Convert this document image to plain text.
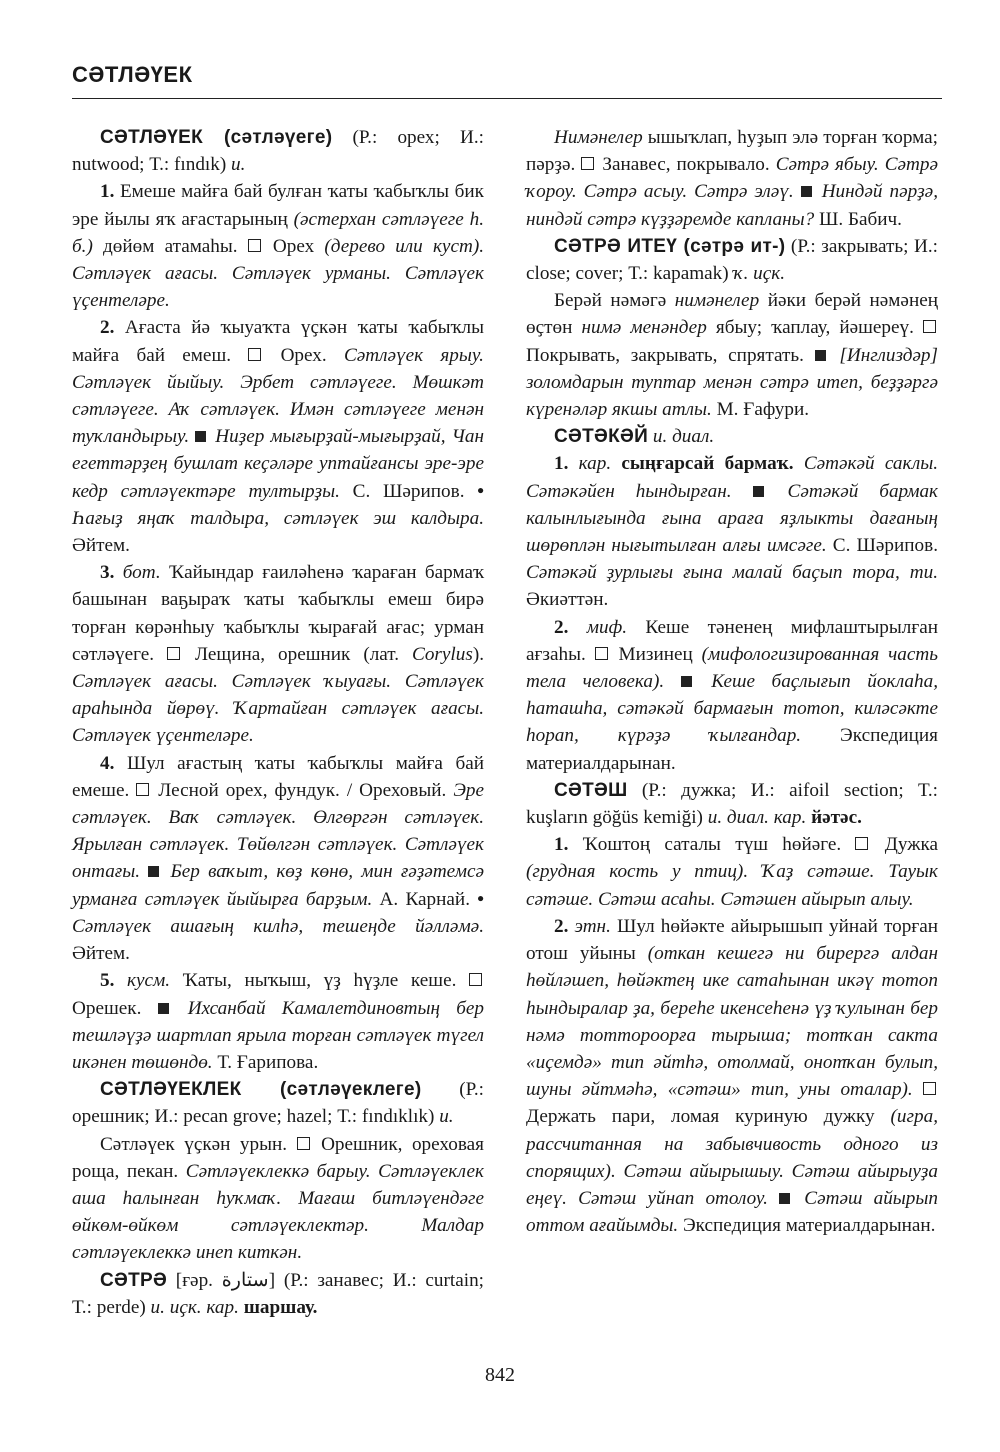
СӘТЛӘҮЕК

СӘТЛӘҮЕК (сәтләүеге) (Р.: орех; И.: nutwood; Т.: fındık) и.

1. Емеше майға бай булған ҡаты ҡабыҡлы бик эре йылы яҡ ағастарының (әстерхан сәтләүеге һ. б.) дөйөм атамаһы.  Орех (дерево или куст). Сәтләүек ағасы. Сәтләүек урманы. Сәтләүек үҫентеләре.

2. Ағаста йә ҡыуаҡта үҫкән ҡаты ҡабыҡлы майға бай емеш.  Орех. Сәтләүек ярыу. Сәтләүек йыйыу. Эрбет сәтләүеге. Мөшкәт сәтләүеге. Аҡ сәтләүек. Имән сәтләүеге менән туҡландырыу.  Ниҙер мығырҙай-мығырҙай, Чан егеттәрҙең бушлат кеҫәләре уптайғансы эре-эре кедр сәтләүектәре тултырҙы. С. Шәрипов. • Һағыҙ яңаҡ талдыра, сәтләүек эш калдыра. Әйтем.

3. бот. Ҡайындар ғаиләһенә ҡараған бармаҡ башынан ваҕыраҡ ҡаты ҡабыҡлы емеш бирә торған көрәнһыу ҡабыҡлы ҡырағай ағас; урман сәтләүеге.  Лещина, орешник (лат. Corylus). Сәтләүек ағасы. Сәтләүек ҡыуағы. Сәтләүек араһында йөрөү. Ҡартайған сәтләүек ағасы. Сәтләүек үҫентеләре.

4. Шул ағастың ҡаты ҡабыҡлы майға бай емеше.  Лесной орех, фундук. / Ореховый. Эре сәтләүек. Ваҡ сәтләүек. Өлгөргән сәтләүек. Ярылған сәтләүек. Төйөлгән сәтләүек. Сәтләүек онтағы.  Бер ваҡыт, көҙ көнө, мин ғәҙәтемсә урманға сәтләүек йыйырға барҙым. А. Карнай. • Сәтләүек ашағың килһә, тешеңде йәлләмә. Әйтем.

5. кусм. Ҡаты, ныҡыш, үҙ һүҙле кеше.  Орешек.  Ихсанбай Камалетдиновтың бер тешләүҙә шартлап ярыла торған сәтләүек түгел икәнен төшөндө. Т. Ғарипова.

СӘТЛӘҮЕКЛЕК (сәтләүеклеге) (Р.: орешник; И.: pecan grove; hazel; Т.: fındıklık) и.

Сәтләүек үҫкән урын.  Орешник, ореховая роща, пекан. Сәтләүеклеккә барыу. Сәтләүеклек аша һалынған һуҡмаҡ. Мағаш битләүендәге өйкөм-өйкөм сәтләүеклектәр. Малдар сәтләүеклеккә инеп киткән.

СӘТРӘ [ғәр. ستارة] (Р.: занавес; И.: curtain; Т.: perde) и. иҫк. кар. шаршау.

Нимәнелер ышыҡлап, һуҙып элә торған ҡорма; пәрҙә.  Занавес, покрывало. Сәтрә ябыу. Сәтрә ҡороу. Сәтрә асыу. Сәтрә эләү.  Ниндәй пәрҙә, ниндәй сәтрә күҙҙәремде капланы? Ш. Бабич.

СӘТРӘ ИТЕҮ (сәтрә ит-) (Р.: закрывать; И.: close; cover; Т.: kapamak) ҡ. иҫк.

Берәй нәмәгә нимәнелер йәки берәй нәмәнең өҫтөн нимә менәндер ябыу; ҡаплау, йәшереү.  Покрывать, закрывать, спрятать.  [Инглиздәр] золомдарын туптар менән сәтрә итеп, беҙҙәргә күренәләр якшы атлы. М. Ғафури.

СӘТӘКӘЙ и. диал.

1. кар. сыңғарсай бармаҡ. Сәтәкәй саклы. Сәтәкәйен һындырған.  Сәтәкәй бармак калынлығында ғына араға яҙлыкты дағаның шөрөплән нығытылған алғы имсәге. С. Шәрипов. Сәтәкәй ҙурлығы ғына малай баҫып тора, ти. Әкиәттән.

2. миф. Кеше тәненең мифлаштырылған ағзаһы.  Мизинец (мифологизированная часть тела человека).  Кеше баҫлығып йоклаһа, һаташһа, сәтәкәй бармағын тотоп, киләсәкте һорап, күрәҙә ҡылғандар. Экспедиция материалдарынан.

СӘТӘШ (Р.: дужка; И.: aifoil section; Т.: kuşların göğüs kemiği) и. диал. кар. йәтәс.

1. Ҡоштоң саталы түш һөйәге.  Дужка (грудная кость у птиц). Ҡаҙ сәтәше. Тауык сәтәше. Сәтәш асаһы. Сәтәшен айырып алыу.

2. этн. Шул һөйәкте айырышып уйнай торған отош уйыны (откан кешегә ни бирергә алдан һөйләшеп, һөйәктең ике сатаһынан икәү тотоп һындыралар ҙа, береһе икенсеһенә үҙ ҡулынан бер нәмә тоттороорға тырыша; тотҡан сакта «иҫемдә» тип әйтһә, отолмай, онотҡан булып, шуны әйтмәһә, «сәтәш» тип, уны оталар).  Держать пари, ломая куриную дужку (игра, рассчитанная на забывчивость одного из спорящих). Сәтәш айырышыу. Сәтәш айырыуҙа еңеү. Сәтәш уйнап отолоу.  Сәтәш айырып оттом ағайымды. Экспедиция материалдарынан.

842
